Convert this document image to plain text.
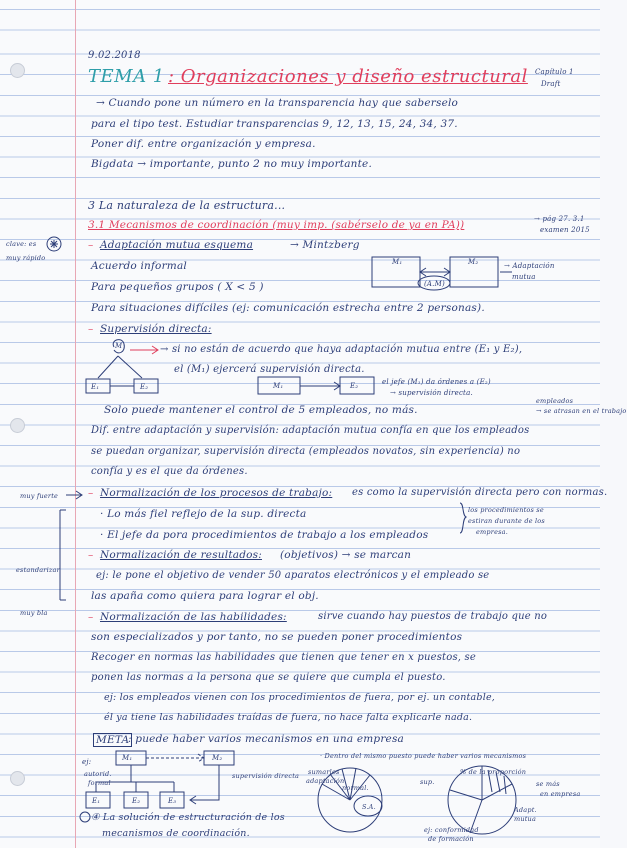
9.02.2018
TEMA 1 : Organizaciones y diseño estructural Capítulo 1
Draft
→ Cuando pone un número en la transparencia hay que saberselo
para el tipo test. Estudiar transparencias 9, 12, 13, 15, 24, 34, 37.
Poner dif. entre organización y empresa.
Bigdata → importante, punto 2 no muy importante.
3 La naturaleza de la estructura...
3.1 Mecanismos de coordinación (muy imp. (sabérselo de ya en PA))	→ pág 27. 3.1
examen 2015
clave: es
muy rápido
muy fuerte
estandarizar
muy bla
– Adaptación mutua esquema	→ Mintzberg
Acuerdo informal
Para pequeños grupos ( X < 5 )
Para situaciones difíciles (ej: comunicación estrecha entre 2 personas).
M₁	M₂
(A.M)
→ Adaptación
mutua
– Supervisión directa:
M
E₁	E₂
→ si no están de acuerdo que haya adaptación mutua entre (E₁ y E₂),
el (M₁) ejercerá supervisión directa.
M₁	E₂	el jefe (M₁) da órdenes a (E₂)
→ supervisión directa.
Solo puede mantener el control de 5 empleados, no más.
empleados
→ se atrasan en el trabajo
Dif. entre adaptación y supervisión: adaptación mutua confía en que los empleados
se puedan organizar, supervisión directa (empleados novatos, sin experiencia) no
confía y es el que da órdenes.
– Normalización de los procesos de trabajo: es como la supervisión directa pero con normas.
· Lo más fiel reflejo de la sup. directa
· El jefe da pora procedimientos de trabajo a los empleados
los procedimientos se
estiran durante de los
empresa.
– Normalización de resultados: (objetivos) → se marcan
ej: le pone el objetivo de vender 50 aparatos electrónicos y el empleado se
las apaña como quiera para lograr el obj.
– Normalización de las habilidades:	sirve cuando hay puestos de trabajo que no
son especializados y por tanto, no se pueden poner procedimientos
Recoger en normas las habilidades que tienen que tener en x puestos, se
ponen las normas a la persona que se quiere que cumpla el puesto.
ej: los empleados vienen con los procedimientos de fuera, por ej. un contable,
él ya tiene las habilidades traídas de fuera, no hace falta explicarle nada.
META
: puede haber varios mecanismos en una empresa
ej:	M₁	M₂
autorid.
formal
E₁	E₂	E₃
supervisión directa
· Dentro del mismo puesto puede haber varios mecanismos
sumarlos
adaptación
S.A.
normal.
% de la proporción
sup.
Adapt.
mutua
ej: conformidad
de formación
se más
en empresa
④ La solución de estructuración de los
mecanismos de coordinación.
